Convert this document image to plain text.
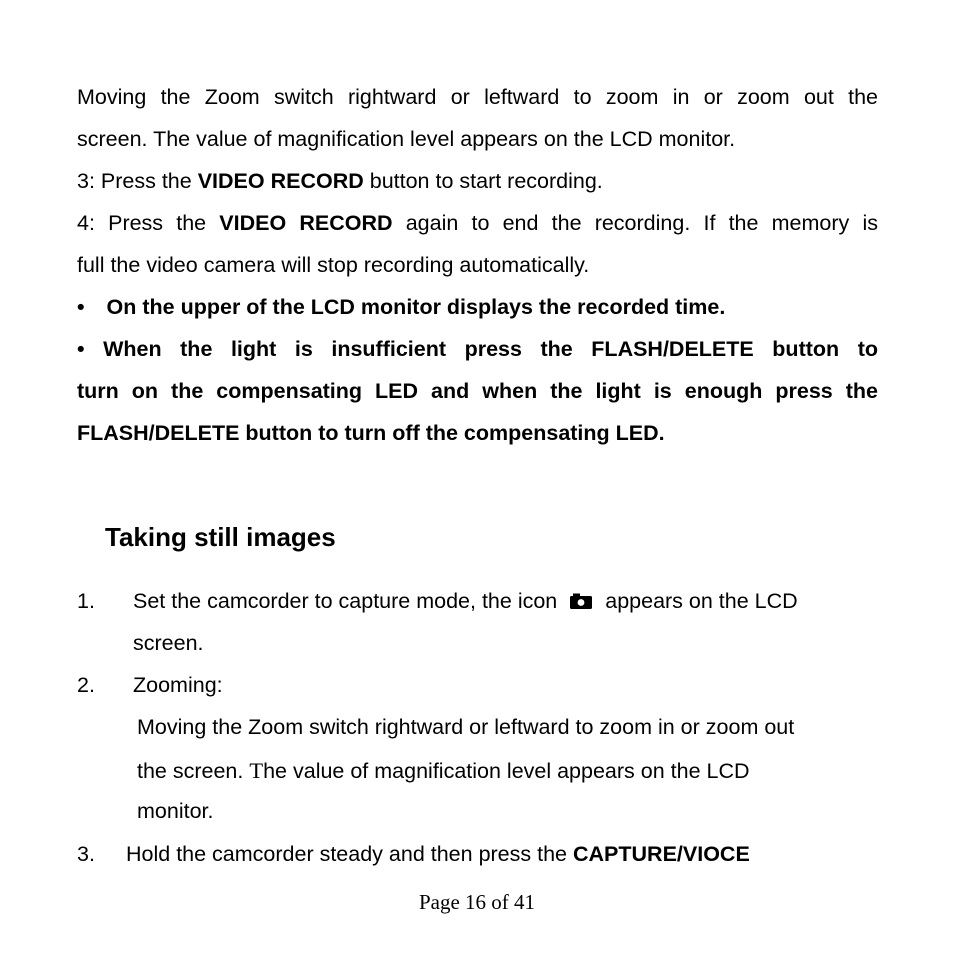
Moving the Zoom switch rightward or leftward to zoom in or zoom out the
screen. The value of magnification level appears on the LCD monitor.
3: Press the VIDEO RECORD button to start recording.
4: Press the VIDEO RECORD again to end the recording. If the memory is
full the video camera will stop recording automatically.
• On the upper of the LCD monitor displays the recorded time.
• When the light is insufficient press the FLASH/DELETE button to
turn on the compensating LED and when the light is enough press the
FLASH/DELETE button to turn off the compensating LED.
Taking still images
1. Set the camcorder to capture mode, the icon appears on the LCD
screen.
2. Zooming:
Moving the Zoom switch rightward or leftward to zoom in or zoom out
the screen. The value of magnification level appears on the LCD
monitor.
3. Hold the camcorder steady and then press the CAPTURE/VIOCE
Page 16 of 41
